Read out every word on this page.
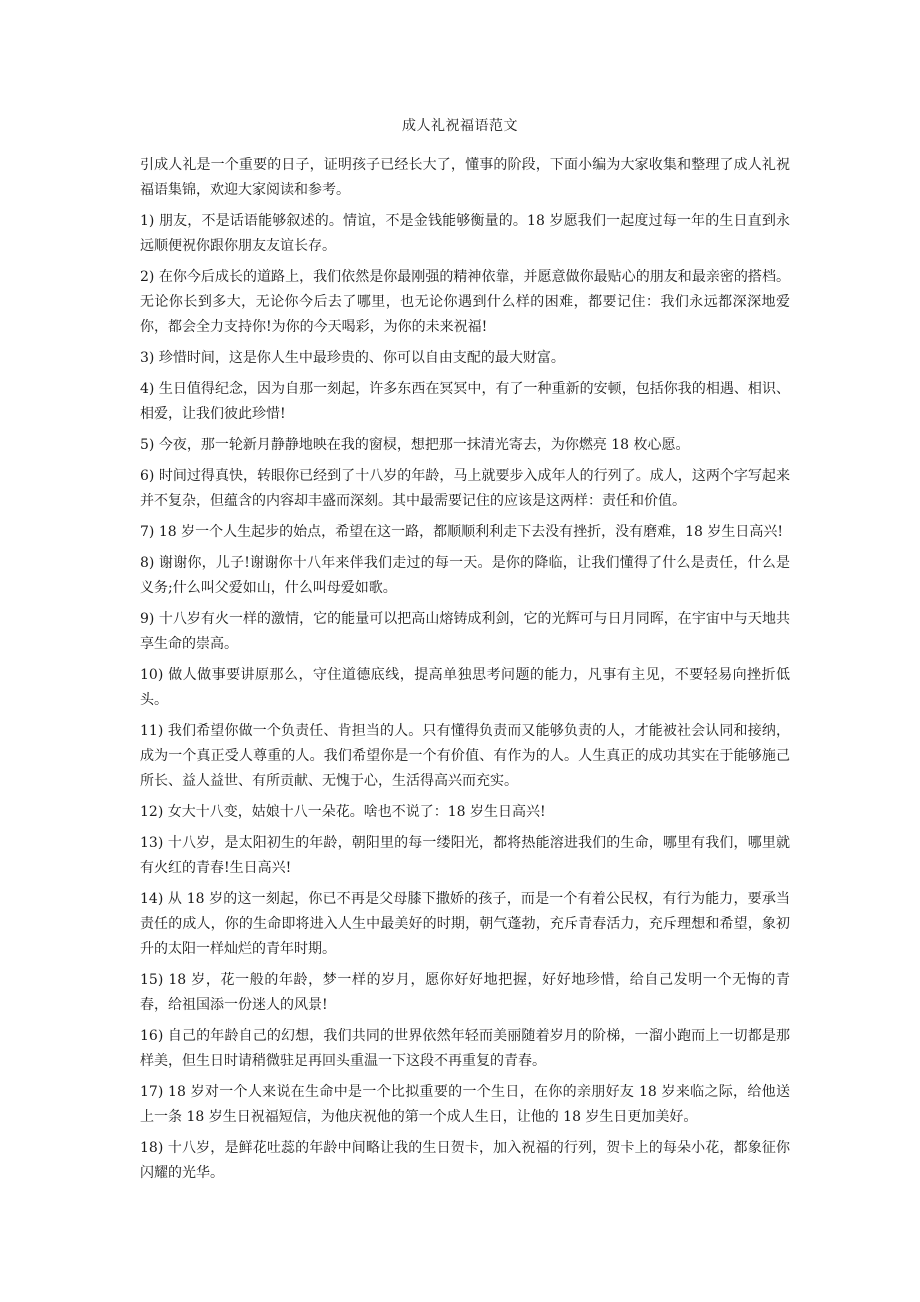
成人礼祝福语范文

引成人礼是一个重要的日子，证明孩子已经长大了，懂事的阶段，下面小编为大家收集和整理了成人礼祝福语集锦，欢迎大家阅读和参考。

1) 朋友，不是话语能够叙述的。情谊，不是金钱能够衡量的。18 岁愿我们一起度过每一年的生日直到永远顺便祝你跟你朋友友谊长存。

2) 在你今后成长的道路上，我们依然是你最刚强的精神依靠，并愿意做你最贴心的朋友和最亲密的搭档。无论你长到多大，无论你今后去了哪里，也无论你遇到什么样的困难，都要记住：我们永远都深深地爱你，都会全力支持你!为你的今天喝彩，为你的未来祝福!

3) 珍惜时间，这是你人生中最珍贵的、你可以自由支配的最大财富。

4) 生日值得纪念，因为自那一刻起，许多东西在冥冥中，有了一种重新的安顿，包括你我的相遇、相识、相爱，让我们彼此珍惜!

5) 今夜，那一轮新月静静地映在我的窗棂，想把那一抹清光寄去，为你燃亮 18 枚心愿。

6) 时间过得真快，转眼你已经到了十八岁的年龄，马上就要步入成年人的行列了。成人，这两个字写起来并不复杂，但蕴含的内容却丰盛而深刻。其中最需要记住的应该是这两样：责任和价值。

7) 18 岁一个人生起步的始点，希望在这一路，都顺顺利利走下去没有挫折，没有磨难，18 岁生日高兴!

8) 谢谢你，儿子!谢谢你十八年来伴我们走过的每一天。是你的降临，让我们懂得了什么是责任，什么是义务;什么叫父爱如山，什么叫母爱如歌。

9) 十八岁有火一样的激情，它的能量可以把高山熔铸成利剑，它的光辉可与日月同晖，在宇宙中与天地共享生命的崇高。

10) 做人做事要讲原那么，守住道德底线，提高单独思考问题的能力，凡事有主见，不要轻易向挫折低头。

11) 我们希望你做一个负责任、肯担当的人。只有懂得负责而又能够负责的人，才能被社会认同和接纳，成为一个真正受人尊重的人。我们希望你是一个有价值、有作为的人。人生真正的成功其实在于能够施己所长、益人益世、有所贡献、无愧于心，生活得高兴而充实。

12) 女大十八变，姑娘十八一朵花。啥也不说了：18 岁生日高兴!

13) 十八岁，是太阳初生的年龄，朝阳里的每一缕阳光，都将热能溶进我们的生命，哪里有我们，哪里就有火红的青春!生日高兴!

14) 从 18 岁的这一刻起，你已不再是父母膝下撒娇的孩子，而是一个有着公民权，有行为能力，要承当责任的成人，你的生命即将进入人生中最美好的时期，朝气蓬勃，充斥青春活力，充斥理想和希望，象初升的太阳一样灿烂的青年时期。

15) 18 岁，花一般的年龄，梦一样的岁月，愿你好好地把握，好好地珍惜，给自己发明一个无悔的青春，给祖国添一份迷人的风景!

16) 自己的年龄自己的幻想，我们共同的世界依然年轻而美丽随着岁月的阶梯，一溜小跑而上一切都是那样美，但生日时请稍微驻足再回头重温一下这段不再重复的青春。

17) 18 岁对一个人来说在生命中是一个比拟重要的一个生日，在你的亲朋好友 18 岁来临之际，给他送上一条 18 岁生日祝福短信，为他庆祝他的第一个成人生日，让他的 18 岁生日更加美好。

18) 十八岁，是鲜花吐蕊的年龄中间略让我的生日贺卡，加入祝福的行列，贺卡上的每朵小花，都象征你闪耀的光华。
